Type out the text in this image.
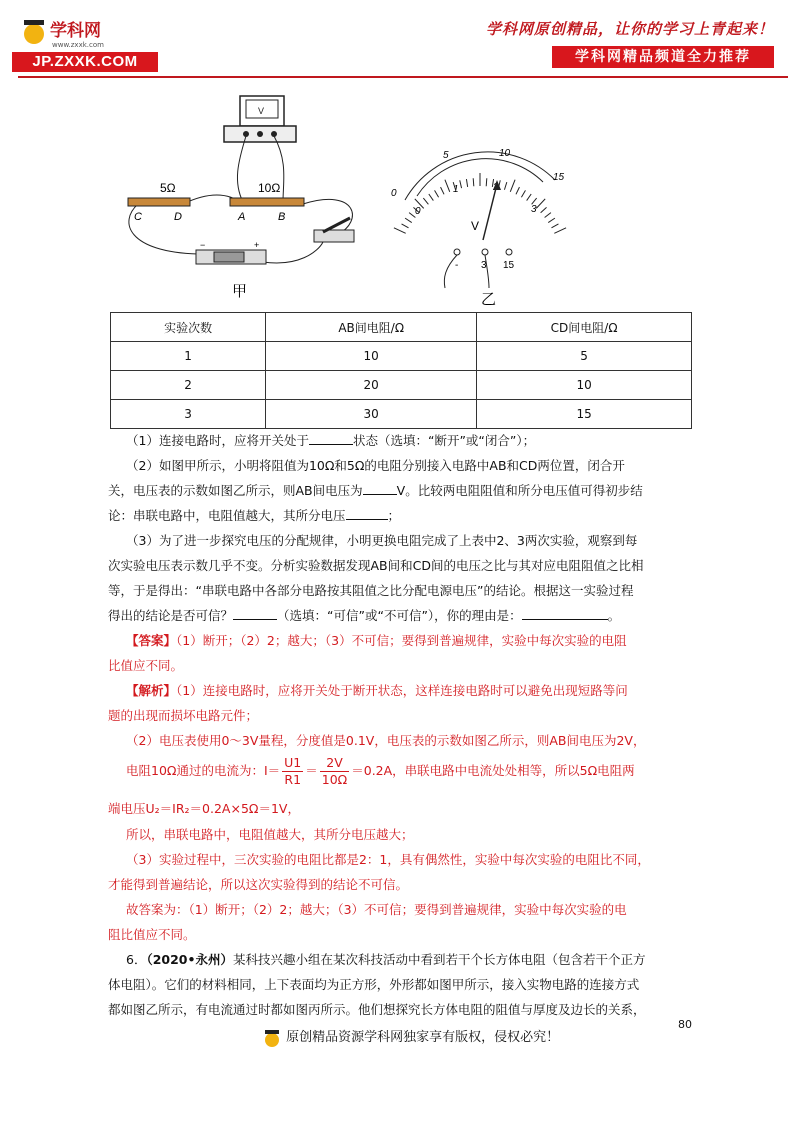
学科网
www.zxxk.com
JP.ZXXK.COM
学科网原创精品，让你的学习上青起来！
学科网精品频道全力推荐
V
5Ω	10Ω
C	D	A	B
−	+
甲
0
5	10
15
0
1
3
V
- 3 15
乙
实验次数	AB间电阻/Ω	CD间电阻/Ω
1	10	5
2	20	10
3	30	15
（1）连接电路时，应将开关处于	状态（选填：“断开”或“闭合”）；
（2）如图甲所示，小明将阻值为10Ω和5Ω的电阻分别接入电路中AB和CD两位置，闭合开
关，电压表的示数如图乙所示，则AB间电压为	V。比较两电阻阻值和所分电压值可得初步结
论：串联电路中，电阻值越大，其所分电压	；
（3）为了进一步探究电压的分配规律，小明更换电阻完成了上表中2、3两次实验，观察到每
次实验电压表示数几乎不变。分析实验数据发现AB间和CD间的电压之比与其对应电阻阻值之比相
等，于是得出：“串联电路中各部分电路按其阻值之比分配电源电压”的结论。根据这一实验过程
得出的结论是否可信？	（选填：“可信”或“不可信”），你的理由是：	。
【答案】（1）断开；（2）2；越大；（3）不可信；要得到普遍规律，实验中每次实验的电阻
比值应不同。
【解析】（1）连接电路时，应将开关处于断开状态，这样连接电路时可以避免出现短路等问
题的出现而损坏电路元件；
（2）电压表使用0～3V量程，分度值是0.1V，电压表的示数如图乙所示，则AB间电压为2V，
电阻10Ω通过的电流为：$I= \frac{U1}{R1} = \frac{2V}{10\Omega} =0.2A$，串联电路中电流处处相等，所以5Ω电阻两
端电压U₂＝IR₂＝0.2A×5Ω＝1V，
所以，串联电路中，电阻值越大，其所分电压越大；
（3）实验过程中，三次实验的电阻比都是2：1，具有偶然性，实验中每次实验的电阻比不同，
才能得到普遍结论，所以这次实验得到的结论不可信。
故答案为：（1）断开；（2）2；越大；（3）不可信；要得到普遍规律，实验中每次实验的电
阻比值应不同。
6．（2020•永州）某科技兴趣小组在某次科技活动中看到若干个长方体电阻（包含若干个正方
体电阻）。它们的材料相同，上下表面均为正方形，外形都如图甲所示，接入实物电路的连接方式
都如图乙所示，有电流通过时都如图丙所示。他们想探究长方体电阻的阻值与厚度及边长的关系，
80
原创精品资源学科网独家享有版权，侵权必究！
